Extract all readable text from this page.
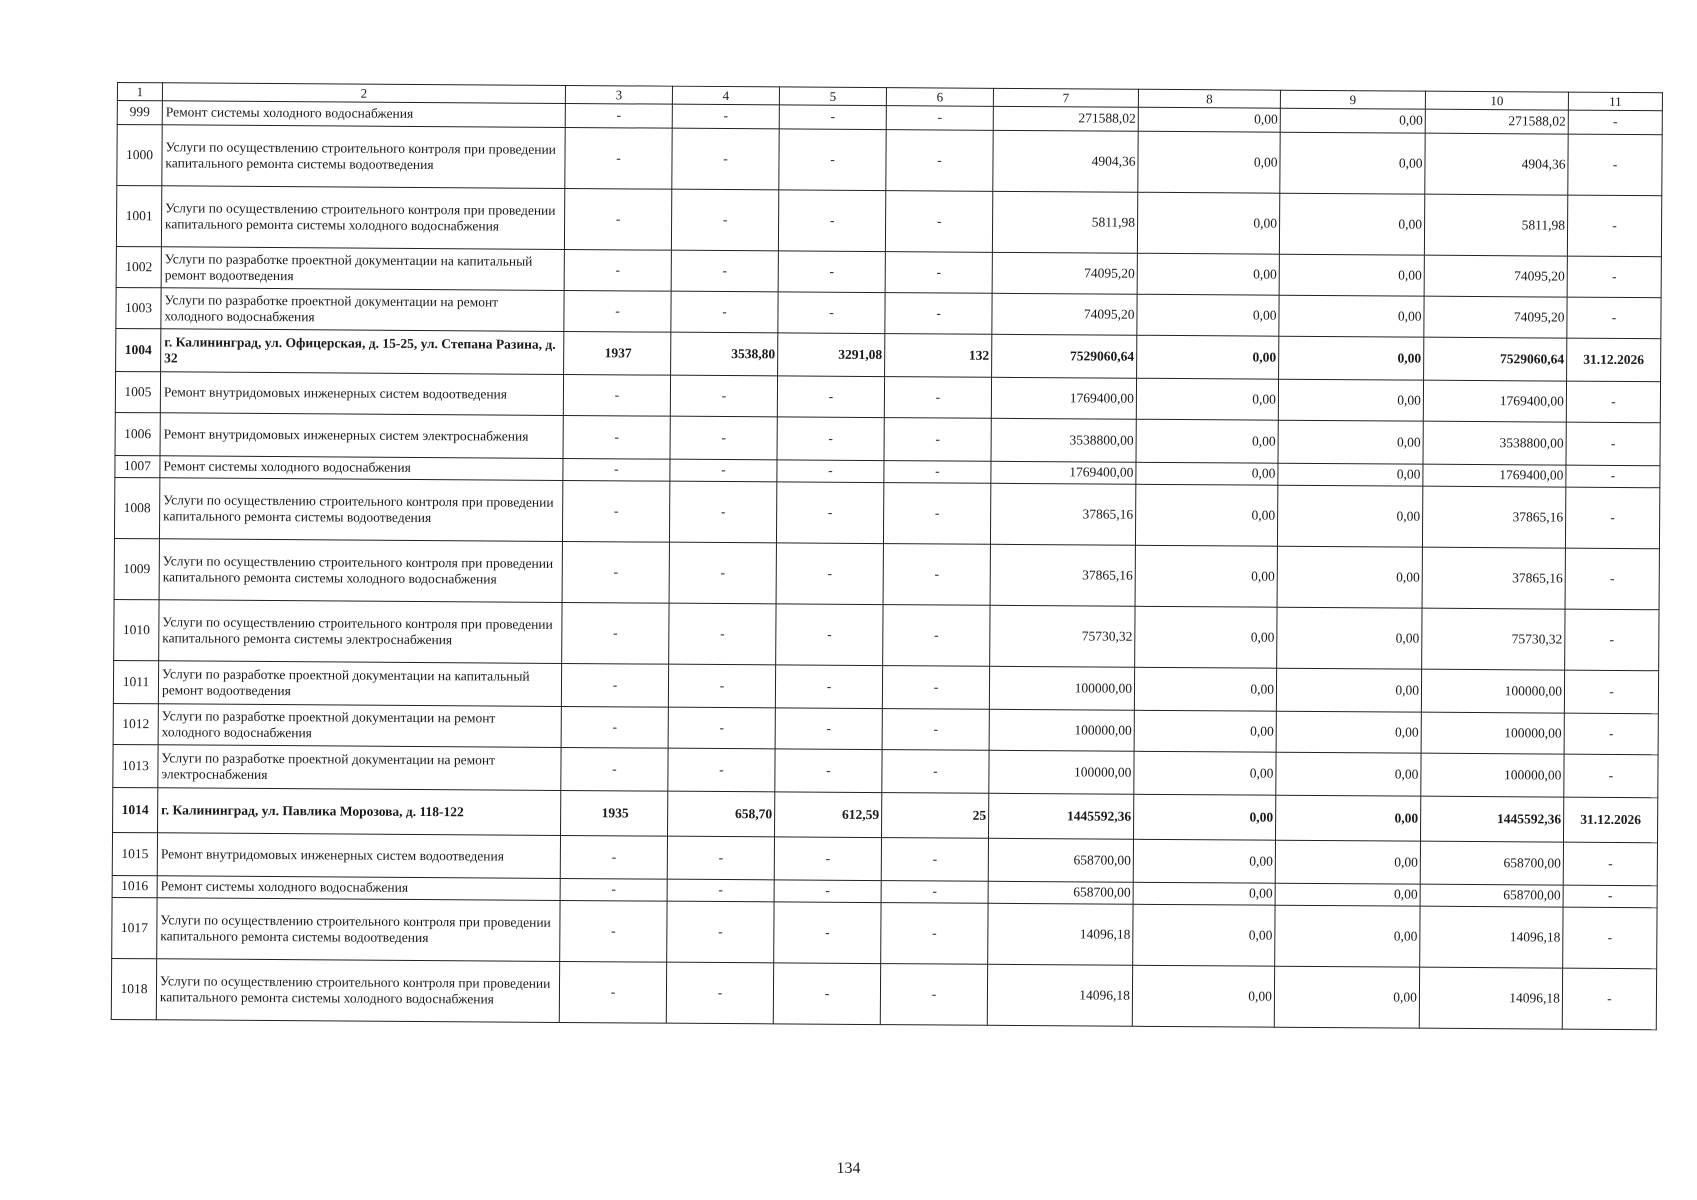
1	2	3	4	5	6	7	8	9	10	11
999	Ремонт системы холодного водоснабжения	-	-	-	-	271588,02	0,00	0,00	271588,02	-
1000	Услуги по осуществлению строительного контроля при проведении капитального ремонта системы водоотведения	-	-	-	-	4904,36	0,00	0,00	4904,36	-
1001	Услуги по осуществлению строительного контроля при проведении капитального ремонта системы холодного водоснабжения	-	-	-	-	5811,98	0,00	0,00	5811,98	-
1002	Услуги по разработке проектной документации на капитальный ремонт водоотведения	-	-	-	-	74095,20	0,00	0,00	74095,20	-
1003	Услуги по разработке проектной документации на ремонт холодного водоснабжения	-	-	-	-	74095,20	0,00	0,00	74095,20	-
1004	г. Калининград, ул. Офицерская, д. 15-25, ул. Степана Разина, д. 32	1937	3538,80	3291,08	132	7529060,64	0,00	0,00	7529060,64	31.12.2026
1005	Ремонт внутридомовых инженерных систем водоотведения	-	-	-	-	1769400,00	0,00	0,00	1769400,00	-
1006	Ремонт внутридомовых инженерных систем электроснабжения	-	-	-	-	3538800,00	0,00	0,00	3538800,00	-
1007	Ремонт системы холодного водоснабжения	-	-	-	-	1769400,00	0,00	0,00	1769400,00	-
1008	Услуги по осуществлению строительного контроля при проведении капитального ремонта системы водоотведения	-	-	-	-	37865,16	0,00	0,00	37865,16	-
1009	Услуги по осуществлению строительного контроля при проведении капитального ремонта системы холодного водоснабжения	-	-	-	-	37865,16	0,00	0,00	37865,16	-
1010	Услуги по осуществлению строительного контроля при проведении капитального ремонта системы электроснабжения	-	-	-	-	75730,32	0,00	0,00	75730,32	-
1011	Услуги по разработке проектной документации на капитальный ремонт водоотведения	-	-	-	-	100000,00	0,00	0,00	100000,00	-
1012	Услуги по разработке проектной документации на ремонт холодного водоснабжения	-	-	-	-	100000,00	0,00	0,00	100000,00	-
1013	Услуги по разработке проектной документации на ремонт электроснабжения	-	-	-	-	100000,00	0,00	0,00	100000,00	-
1014	г. Калининград, ул. Павлика Морозова, д. 118-122	1935	658,70	612,59	25	1445592,36	0,00	0,00	1445592,36	31.12.2026
1015	Ремонт внутридомовых инженерных систем водоотведения	-	-	-	-	658700,00	0,00	0,00	658700,00	-
1016	Ремонт системы холодного водоснабжения	-	-	-	-	658700,00	0,00	0,00	658700,00	-
1017	Услуги по осуществлению строительного контроля при проведении капитального ремонта системы водоотведения	-	-	-	-	14096,18	0,00	0,00	14096,18	-
1018	Услуги по осуществлению строительного контроля при проведении капитального ремонта системы холодного водоснабжения	-	-	-	-	14096,18	0,00	0,00	14096,18	-
134
